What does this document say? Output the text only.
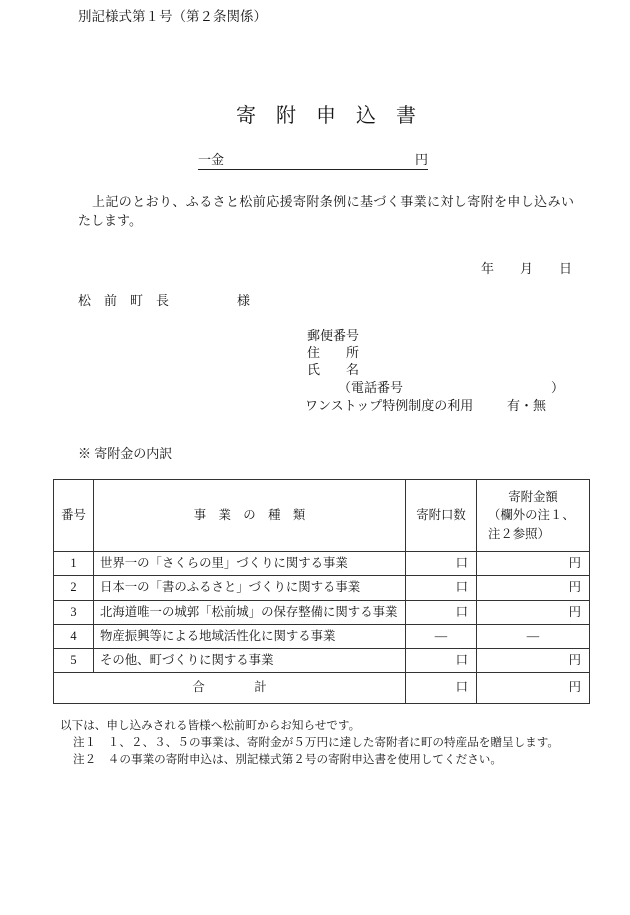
別記様式第１号（第２条関係）
寄　附　申　込　書
一金	円
上記のとおり、ふるさと松前応援寄附条例に基づく事業に対し寄附を申し込みい
たします。
年　　月　　日
松　前　町　長	様
郵便番号
住　　所
氏　　名
（電話番号	）
ワンストップ特例制度の利用	有・無
※ 寄附金の内訳
番号	事　業　の　種　類	寄附口数	寄附金額
（欄外の注１、注２参照）

1	世界一の「さくらの里」づくりに関する事業	口	円
2	日本一の「書のふるさと」づくりに関する事業	口	円
3	北海道唯一の城郭「松前城」の保存整備に関する事業	口	円
4	物産振興等による地域活性化に関する事業	—	—
5	その他、町づくりに関する事業	口	円
合　　　　計		口	円
以下は、申し込みされる皆様へ松前町からお知らせです。
注１　１、２、３、５の事業は、寄附金が５万円に達した寄附者に町の特産品を贈呈します。
注２　４の事業の寄附申込は、別記様式第２号の寄附申込書を使用してください。
